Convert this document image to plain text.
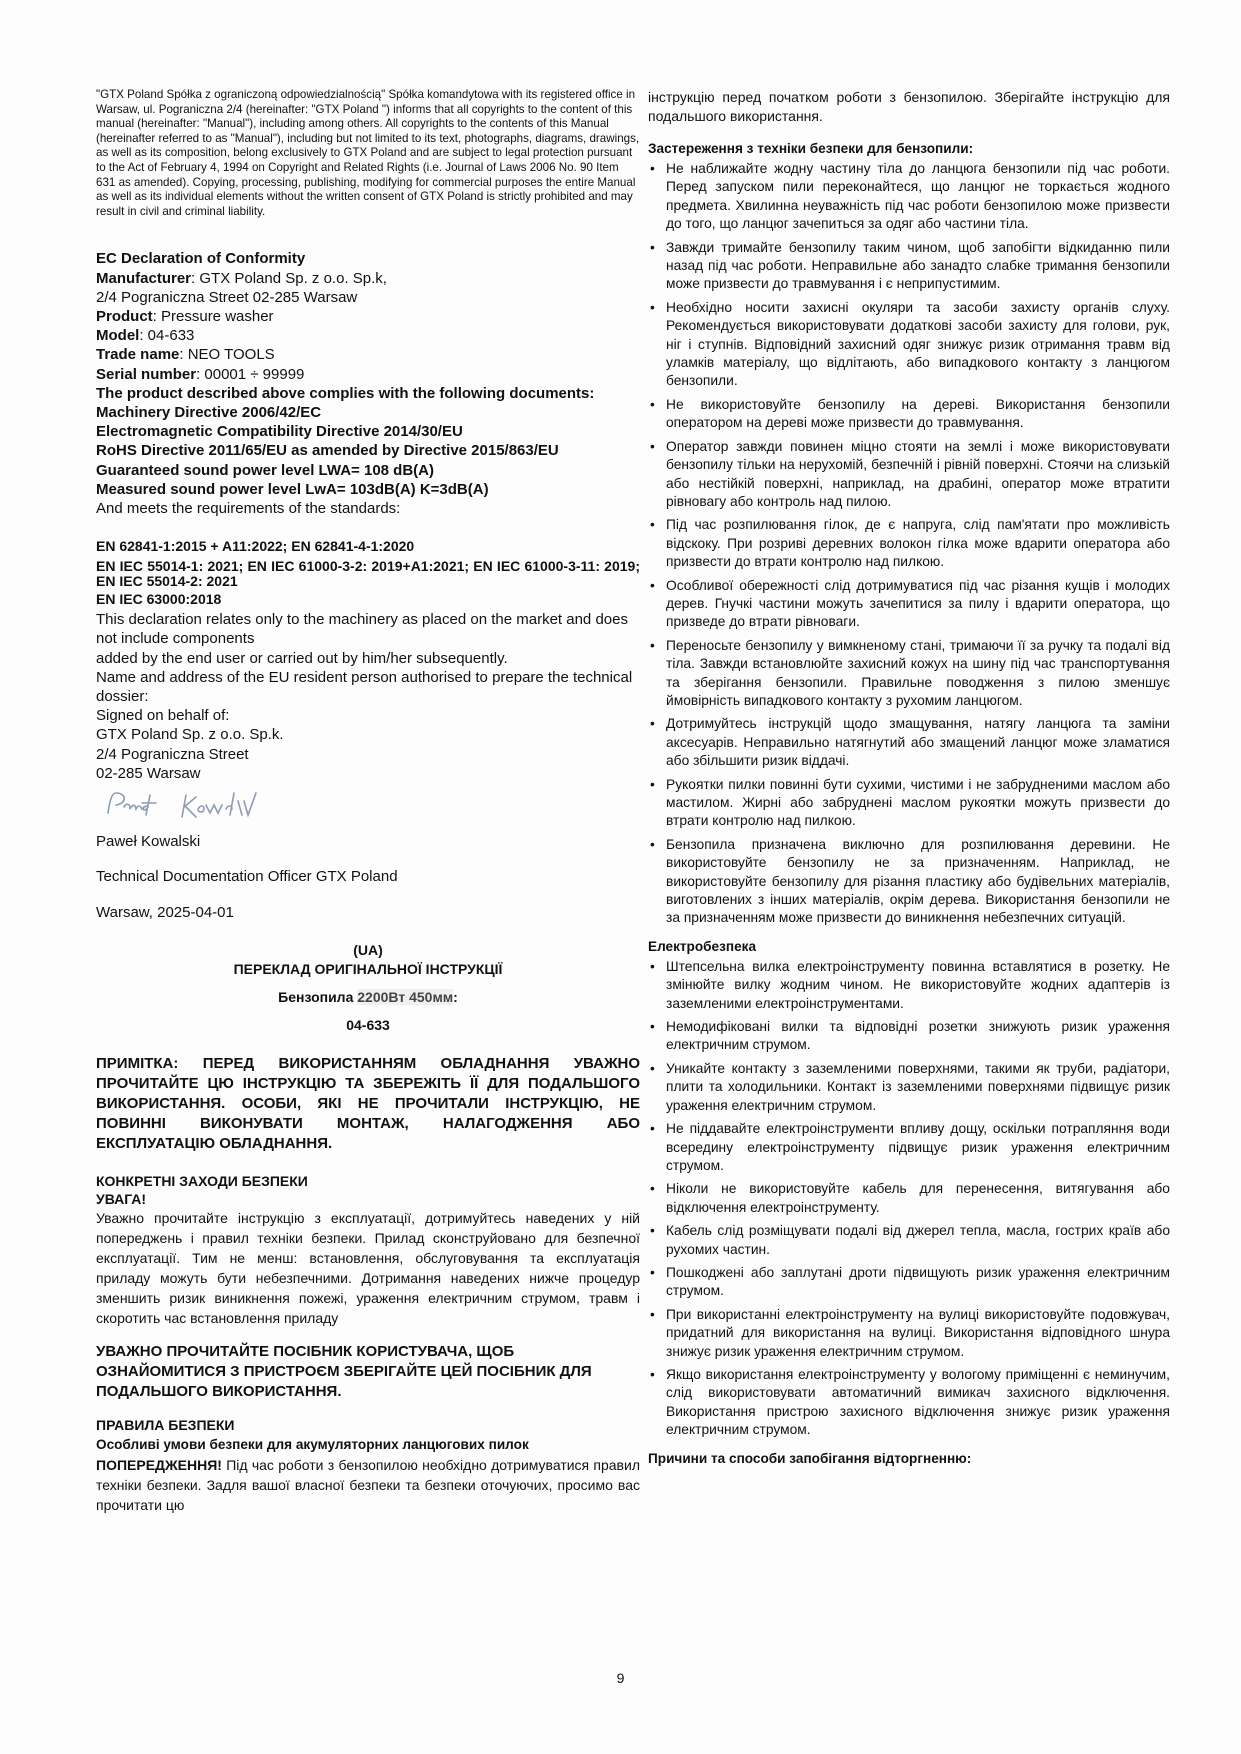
"GTX Poland Spółka z ograniczoną odpowiedzialnością" Spółka komandytowa with its registered office in Warsaw, ul. Pograniczna 2/4 (hereinafter: "GTX Poland ") informs that all copyrights to the content of this manual (hereinafter: "Manual"), including among others. All copyrights to the contents of this Manual (hereinafter referred to as "Manual"), including but not limited to its text, photographs, diagrams, drawings, as well as its composition, belong exclusively to GTX Poland and are subject to legal protection pursuant to the Act of February 4, 1994 on Copyright and Related Rights (i.e. Journal of Laws 2006 No. 90 Item 631 as amended). Copying, processing, publishing, modifying for commercial purposes the entire Manual as well as its individual elements without the written consent of GTX Poland is strictly prohibited and may result in civil and criminal liability.

EC Declaration of Conformity
Manufacturer: GTX Poland Sp. z o.o. Sp.k,
2/4 Pograniczna Street 02-285 Warsaw
Product: Pressure washer
Model: 04-633
Trade name: NEO TOOLS
Serial number: 00001 ÷ 99999
The product described above complies with the following documents:
Machinery Directive 2006/42/EC
Electromagnetic Compatibility Directive 2014/30/EU
RoHS Directive 2011/65/EU as amended by Directive 2015/863/EU
Guaranteed sound power level LWA= 108 dB(A)
Measured sound power level LwA= 103dB(A) K=3dB(A)
And meets the requirements of the standards:
EN 62841-1:2015 + A11:2022; EN 62841-4-1:2020
EN IEC 55014-1: 2021; EN IEC 61000-3-2: 2019+A1:2021; EN IEC 61000-3-11: 2019; EN IEC 55014-2: 2021
EN IEC 63000:2018
This declaration relates only to the machinery as placed on the market and does not include components
added by the end user or carried out by him/her subsequently.
Name and address of the EU resident person authorised to prepare the technical dossier:
Signed on behalf of:
GTX Poland Sp. z o.o. Sp.k.
2/4 Pograniczna Street
02-285 Warsaw
Paweł Kowalski
Technical Documentation Officer GTX Poland
Warsaw, 2025-04-01
(UA)
ПЕРЕКЛАД ОРИГІНАЛЬНОЇ ІНСТРУКЦІЇ
Бензопила 2200Вт 450мм:
04-633
ПРИМІТКА: ПЕРЕД ВИКОРИСТАННЯМ ОБЛАДНАННЯ УВАЖНО ПРОЧИТАЙТЕ ЦЮ ІНСТРУКЦІЮ ТА ЗБЕРЕЖІТЬ ЇЇ ДЛЯ ПОДАЛЬШОГО ВИКОРИСТАННЯ. ОСОБИ, ЯКІ НЕ ПРОЧИТАЛИ ІНСТРУКЦІЮ, НЕ ПОВИННІ ВИКОНУВАТИ МОНТАЖ, НАЛАГОДЖЕННЯ АБО ЕКСПЛУАТАЦІЮ ОБЛАДНАННЯ.
КОНКРЕТНІ ЗАХОДИ БЕЗПЕКИ
УВАГА!
Уважно прочитайте інструкцію з експлуатації, дотримуйтесь наведених у ній попереджень і правил техніки безпеки. Прилад сконструйовано для безпечної експлуатації. Тим не менш: встановлення, обслуговування та експлуатація приладу можуть бути небезпечними. Дотримання наведених нижче процедур зменшить ризик виникнення пожежі, ураження електричним струмом, травм і скоротить час встановлення приладу
УВАЖНО ПРОЧИТАЙТЕ ПОСІБНИК КОРИСТУВАЧА, ЩОБ ОЗНАЙОМИТИСЯ З ПРИСТРОЄМ ЗБЕРІГАЙТЕ ЦЕЙ ПОСІБНИК ДЛЯ ПОДАЛЬШОГО ВИКОРИСТАННЯ.
ПРАВИЛА БЕЗПЕКИ
Особливі умови безпеки для акумуляторних ланцюгових пилок
ПОПЕРЕДЖЕННЯ! Під час роботи з бензопилою необхідно дотримуватися правил техніки безпеки. Задля вашої власної безпеки та безпеки оточуючих, просимо вас прочитати цю
інструкцію перед початком роботи з бензопилою. Зберігайте інструкцію для подальшого використання.
Застереження з техніки безпеки для бензопили:
• Не наближайте жодну частину тіла до ланцюга бензопили під час роботи. Перед запуском пили переконайтеся, що ланцюг не торкається жодного предмета. Хвилинна неуважність під час роботи бензопилою може призвести до того, що ланцюг зачепиться за одяг або частини тіла.
• Завжди тримайте бензопилу таким чином, щоб запобігти відкиданню пили назад під час роботи. Неправильне або занадто слабке тримання бензопили може призвести до травмування і є неприпустимим.
• Необхідно носити захисні окуляри та засоби захисту органів слуху. Рекомендується використовувати додаткові засоби захисту для голови, рук, ніг і ступнів. Відповідний захисний одяг знижує ризик отримання травм від уламків матеріалу, що відлітають, або випадкового контакту з ланцюгом бензопили.
• Не використовуйте бензопилу на дереві. Використання бензопили оператором на дереві може призвести до травмування.
• Оператор завжди повинен міцно стояти на землі і може використовувати бензопилу тільки на нерухомій, безпечній і рівній поверхні. Стоячи на слизькій або нестійкій поверхні, наприклад, на драбині, оператор може втратити рівновагу або контроль над пилою.
• Під час розпилювання гілок, де є напруга, слід пам'ятати про можливість відскоку. При розриві деревних волокон гілка може вдарити оператора або призвести до втрати контролю над пилкою.
• Особливої обережності слід дотримуватися під час різання кущів і молодих дерев. Гнучкі частини можуть зачепитися за пилу і вдарити оператора, що призведе до втрати рівноваги.
• Переносьте бензопилу у вимкненому стані, тримаючи її за ручку та подалі від тіла. Завжди встановлюйте захисний кожух на шину під час транспортування та зберігання бензопили. Правильне поводження з пилою зменшує ймовірність випадкового контакту з рухомим ланцюгом.
• Дотримуйтесь інструкцій щодо змащування, натягу ланцюга та заміни аксесуарів. Неправильно натягнутий або змащений ланцюг може зламатися або збільшити ризик віддачі.
• Рукоятки пилки повинні бути сухими, чистими і не забрудненими маслом або мастилом. Жирні або забруднені маслом рукоятки можуть призвести до втрати контролю над пилкою.
• Бензопила призначена виключно для розпилювання деревини. Не використовуйте бензопилу не за призначенням. Наприклад, не використовуйте бензопилу для різання пластику або будівельних матеріалів, виготовлених з інших матеріалів, окрім дерева. Використання бензопили не за призначенням може призвести до виникнення небезпечних ситуацій.
Електробезпека
• Штепсельна вилка електроінструменту повинна вставлятися в розетку. Не змінюйте вилку жодним чином. Не використовуйте жодних адаптерів із заземленими електроінструментами.
• Немодифіковані вилки та відповідні розетки знижують ризик ураження електричним струмом.
• Уникайте контакту з заземленими поверхнями, такими як труби, радіатори, плити та холодильники. Контакт із заземленими поверхнями підвищує ризик ураження електричним струмом.
• Не піддавайте електроінструменти впливу дощу, оскільки потрапляння води всередину електроінструменту підвищує ризик ураження електричним струмом.
• Ніколи не використовуйте кабель для перенесення, витягування або відключення електроінструменту.
• Кабель слід розміщувати подалі від джерел тепла, масла, гострих країв або рухомих частин.
• Пошкоджені або заплутані дроти підвищують ризик ураження електричним струмом.
• При використанні електроінструменту на вулиці використовуйте подовжувач, придатний для використання на вулиці. Використання відповідного шнура знижує ризик ураження електричним струмом.
• Якщо використання електроінструменту у вологому приміщенні є неминучим, слід використовувати автоматичний вимикач захисного відключення. Використання пристрою захисного відключення знижує ризик ураження електричним струмом.
Причини та способи запобігання відторгненню:
9
